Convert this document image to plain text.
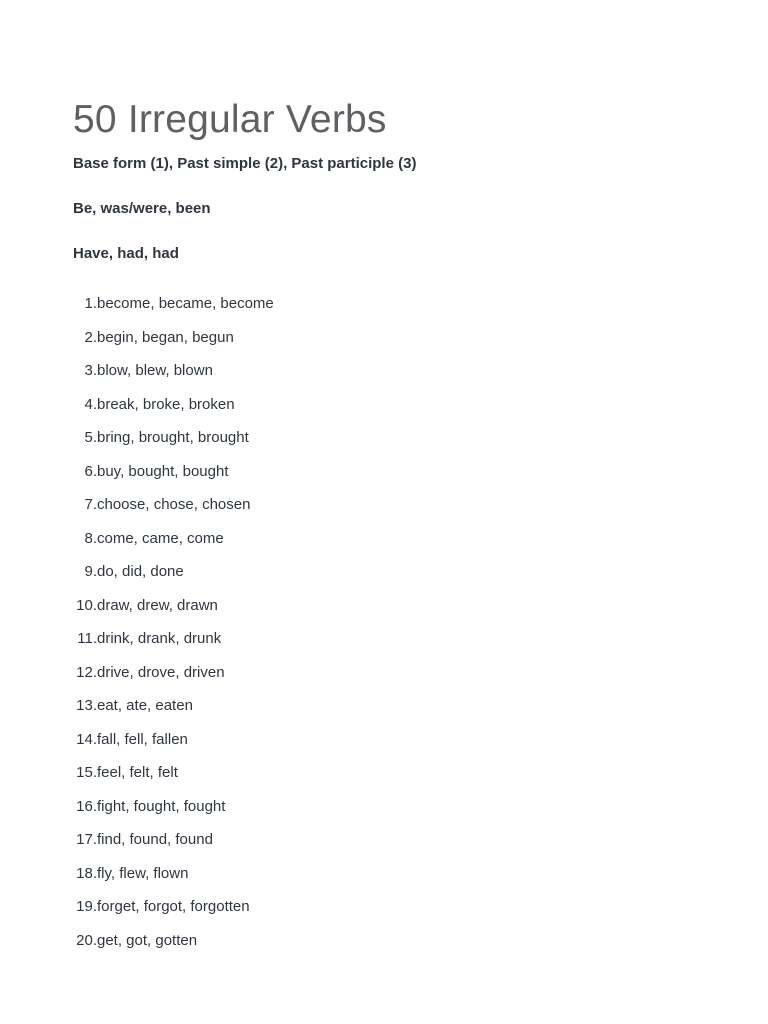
50 Irregular Verbs

Base form (1), Past simple (2), Past participle (3)

Be, was/were, been

Have, had, had

1. become, became, become
2. begin, began, begun
3. blow, blew, blown
4. break, broke, broken
5. bring, brought, brought
6. buy, bought, bought
7. choose, chose, chosen
8. come, came, come
9. do, did, done
10. draw, drew, drawn
11. drink, drank, drunk
12. drive, drove, driven
13. eat, ate, eaten
14. fall, fell, fallen
15. feel, felt, felt
16. fight, fought, fought
17. find, found, found
18. fly, flew, flown
19. forget, forgot, forgotten
20. get, got, gotten
